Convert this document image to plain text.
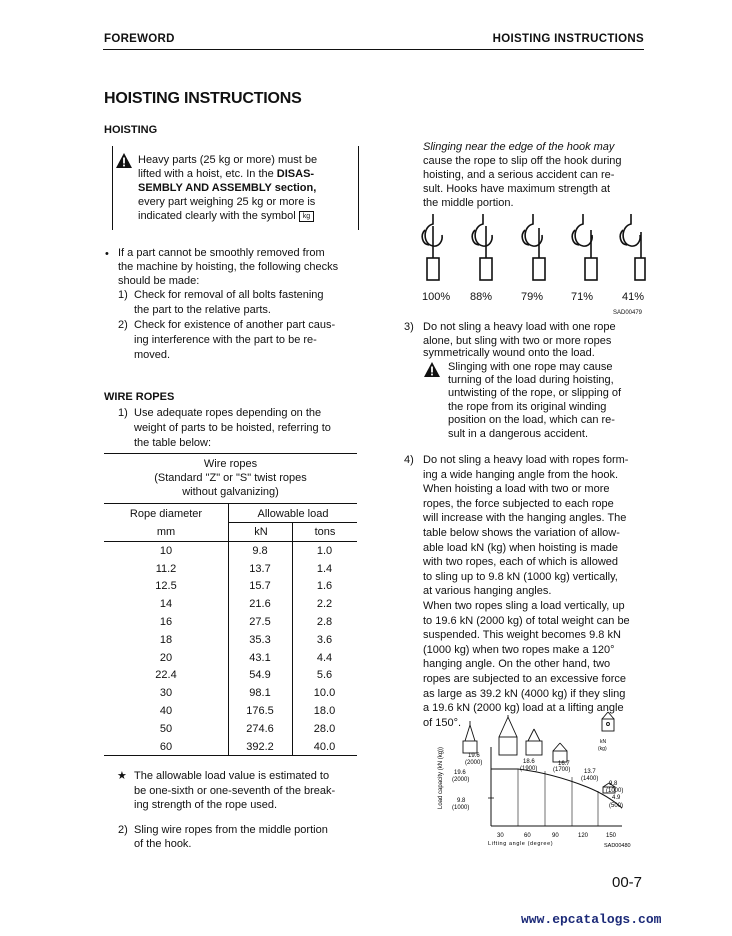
FOREWORD	HOISTING INSTRUCTIONS
HOISTING INSTRUCTIONS
HOISTING
Heavy parts (25 kg or more) must be
lifted with a hoist, etc. In the DISAS-
SEMBLY AND ASSEMBLY section,
every part weighing 25 kg or more is
indicated clearly with the symbol kg
• If a part cannot be smoothly removed from
the machine by hoisting, the following checks
should be made:
1) Check for removal of all bolts fastening
the part to the relative parts.
2) Check for existence of another part caus-
ing interference with the part to be re-
moved.
WIRE ROPES
1) Use adequate ropes depending on the
weight of parts to be hoisted, referring to
the table below:
Wire ropes
(Standard "Z" or "S" twist ropes
without galvanizing)
Rope diameter	Allowable load
mm	kN	tons
10	9.8	1.0
11.2	13.7	1.4
12.5	15.7	1.6
14	21.6	2.2
16	27.5	2.8
18	35.3	3.6
20	43.1	4.4
22.4	54.9	5.6
30	98.1	10.0
40	176.5	18.0
50	274.6	28.0
60	392.2	40.0
★ The allowable load value is estimated to
be one-sixth or one-seventh of the break-
ing strength of the rope used.
2) Sling wire ropes from the middle portion
of the hook.
Slinging near the edge of the hook may
cause the rope to slip off the hook during
hoisting, and a serious accident can re-
sult. Hooks have maximum strength at
the middle portion.
100% 88%	79%	71%	41%
SAD00479
3) Do not sling a heavy load with one rope
alone, but sling with two or more ropes
symmetrically wound onto the load.
Slinging with one rope may cause
turning of the load during hoisting,
untwisting of the rope, or slipping of
the rope from its original winding
position on the load, which can re-
sult in a dangerous accident.
4) Do not sling a heavy load with ropes form-
ing a wide hanging angle from the hook.
When hoisting a load with two or more
ropes, the force subjected to each rope
will increase with the hanging angles. The
table below shows the variation of allow-
able load kN (kg) when hoisting is made
with two ropes, each of which is allowed
to sling up to 9.8 kN (1000 kg) vertically,
at various hanging angles.
When two ropes sling a load vertically, up
to 19.6 kN (2000 kg) of total weight can be
suspended. This weight becomes 9.8 kN
(1000 kg) when two ropes make a 120°
hanging angle. On the other hand, two
ropes are subjected to an excessive force
as large as 39.2 kN (4000 kg) if they sling
a 19.6 kN (2000 kg) load at a lifting angle
of 150°.
Load capacity (kN (kg))
kN
(kg)
19.6
(2000)	18.6
(1900)
16.7
(1700) 13.7
(1400)
9.8
(1000)
4.9
(500)
19.6
(2000)
9.8
(1000)
30	60	90	120	150
Lifting angle (degree)	SAD00480
00-7
www.epcatalogs.com
